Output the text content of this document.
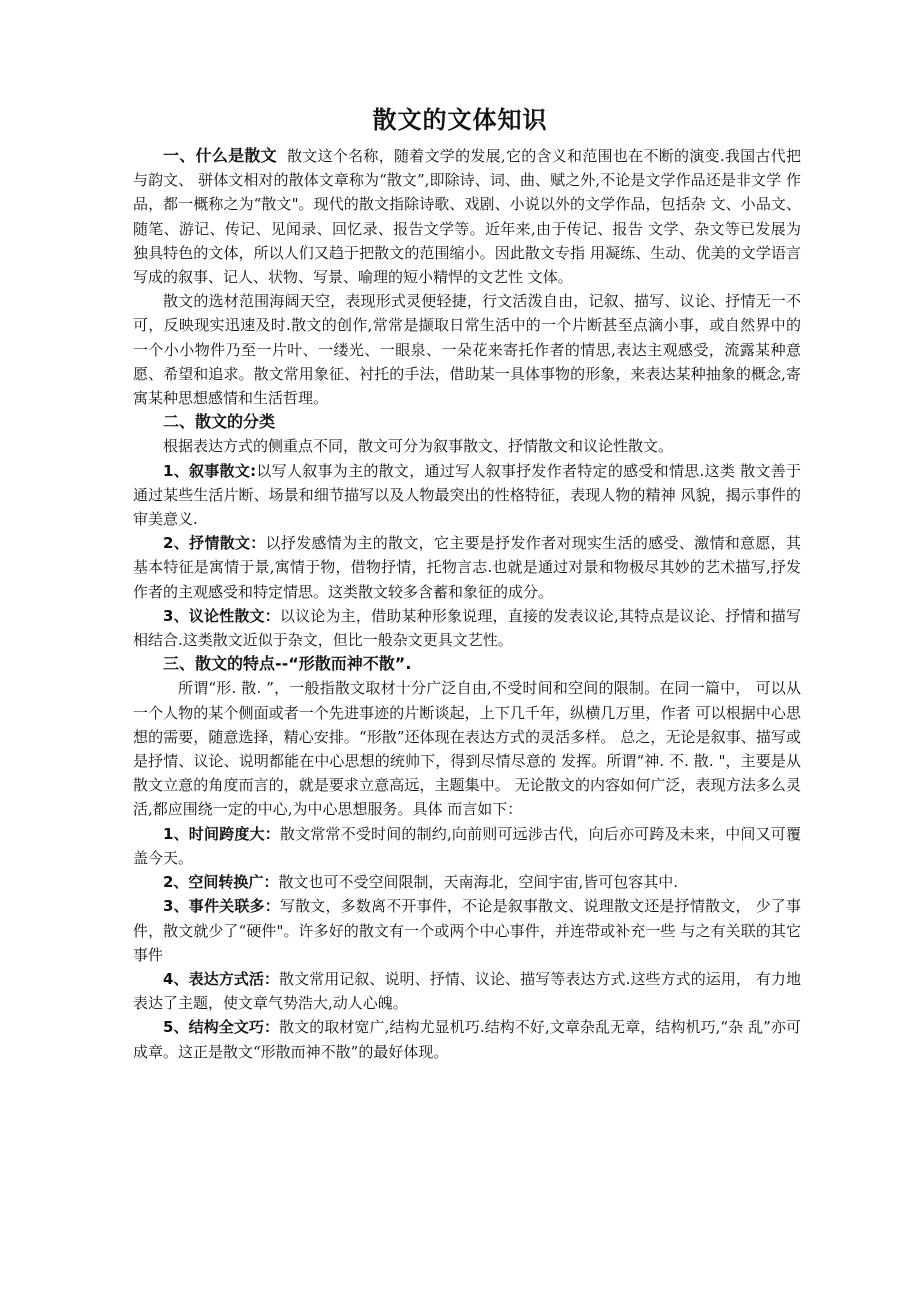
散文的文体知识

一、什么是散文 散文这个名称，随着文学的发展,它的含义和范围也在不断的演变.我国古代把与韵文、 骈体文相对的散体文章称为“散文”,即除诗、词、曲、赋之外,不论是文学作品还是非文学 作品，都一概称之为“散文"。现代的散文指除诗歌、戏剧、小说以外的文学作品，包括杂 文、小品文、随笔、游记、传记、见闻录、回忆录、报告文学等。近年来,由于传记、报告 文学、杂文等已发展为独具特色的文体，所以人们又趋于把散文的范围缩小。因此散文专指 用凝练、生动、优美的文学语言写成的叙事、记人、状物、写景、喻理的短小精悍的文艺性 文体。

散文的选材范围海阔天空，表现形式灵便轻捷，行文活泼自由，记叙、描写、议论、抒情无一不可，反映现实迅速及时.散文的创作,常常是撷取日常生活中的一个片断甚至点滴小事，或自然界中的一个小小物件乃至一片叶、一缕光、一眼泉、一朵花来寄托作者的情思,表达主观感受，流露某种意愿、希望和追求。散文常用象征、衬托的手法，借助某一具体事物的形象，来表达某种抽象的概念,寄寓某种思想感情和生活哲理。

二、散文的分类

根据表达方式的侧重点不同，散文可分为叙事散文、抒情散文和议论性散文。

1、叙事散文:以写人叙事为主的散文，通过写人叙事抒发作者特定的感受和情思.这类 散文善于通过某些生活片断、场景和细节描写以及人物最突出的性格特征，表现人物的精神 风貌，揭示事件的审美意义.

2、抒情散文：以抒发感情为主的散文，它主要是抒发作者对现实生活的感受、激情和意愿，其基本特征是寓情于景,寓情于物，借物抒情，托物言志.也就是通过对景和物极尽其妙的艺术描写,抒发作者的主观感受和特定情思。这类散文较多含蓄和象征的成分。

3、议论性散文：以议论为主，借助某种形象说理，直接的发表议论,其特点是议论、抒情和描写相结合.这类散文近似于杂文，但比一般杂文更具文艺性。

三、散文的特点--“形散而神不散”.

所谓“形. 散. ”，一般指散文取材十分广泛自由,不受时间和空间的限制。在同一篇中， 可以从一个人物的某个侧面或者一个先进事迹的片断谈起，上下几千年，纵横几万里，作者 可以根据中心思想的需要，随意选择，精心安排。“形散”还体现在表达方式的灵活多样。 总之，无论是叙事、描写或是抒情、议论、说明都能在中心思想的统帅下，得到尽情尽意的 发挥。所谓“神. 不. 散. "，主要是从散文立意的角度而言的，就是要求立意高远，主题集中。 无论散文的内容如何广泛，表现方法多么灵活,都应围绕一定的中心,为中心思想服务。具体 而言如下：

1、时间跨度大：散文常常不受时间的制约,向前则可远涉古代，向后亦可跨及未来，中间又可覆盖今天。

2、空间转换广：散文也可不受空间限制，天南海北，空间宇宙,皆可包容其中.

3、事件关联多：写散文，多数离不开事件，不论是叙事散文、说理散文还是抒情散文， 少了事件，散文就少了“硬件"。许多好的散文有一个或两个中心事件，并连带或补充一些 与之有关联的其它事件

4、表达方式活：散文常用记叙、说明、抒情、议论、描写等表达方式.这些方式的运用， 有力地表达了主题，使文章气势浩大,动人心魄。

5、结构全文巧：散文的取材宽广,结构尤显机巧.结构不好,文章杂乱无章，结构机巧,“杂 乱”亦可成章。这正是散文“形散而神不散”的最好体现。
